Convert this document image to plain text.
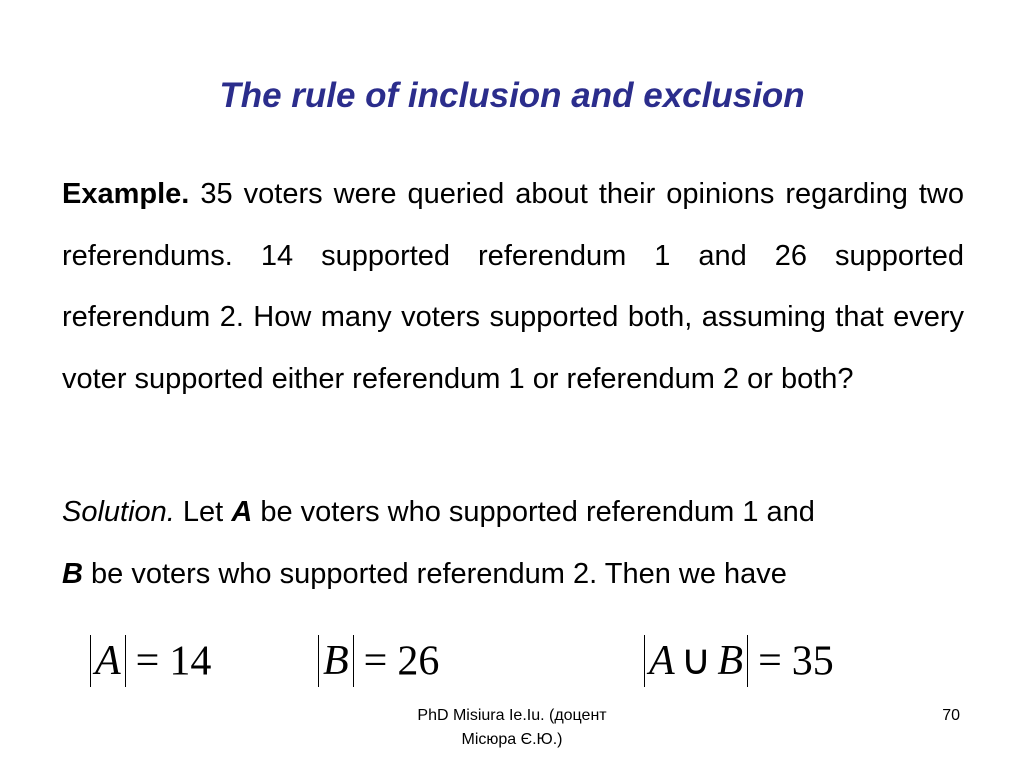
The rule of inclusion and exclusion

Example. 35 voters were queried about their opinions regarding two referendums. 14 supported referendum 1 and 26 supported referendum 2. How many voters supported both, assuming that every voter supported either referendum 1 or referendum 2 or both?

Solution. Let A be voters who supported referendum 1 and
B be voters who supported referendum 2. Then we have

A = 14	B = 26	A ∪ B = 35

PhD Misiura Ie.Iu. (доцент
Місюра Є.Ю.)

70
